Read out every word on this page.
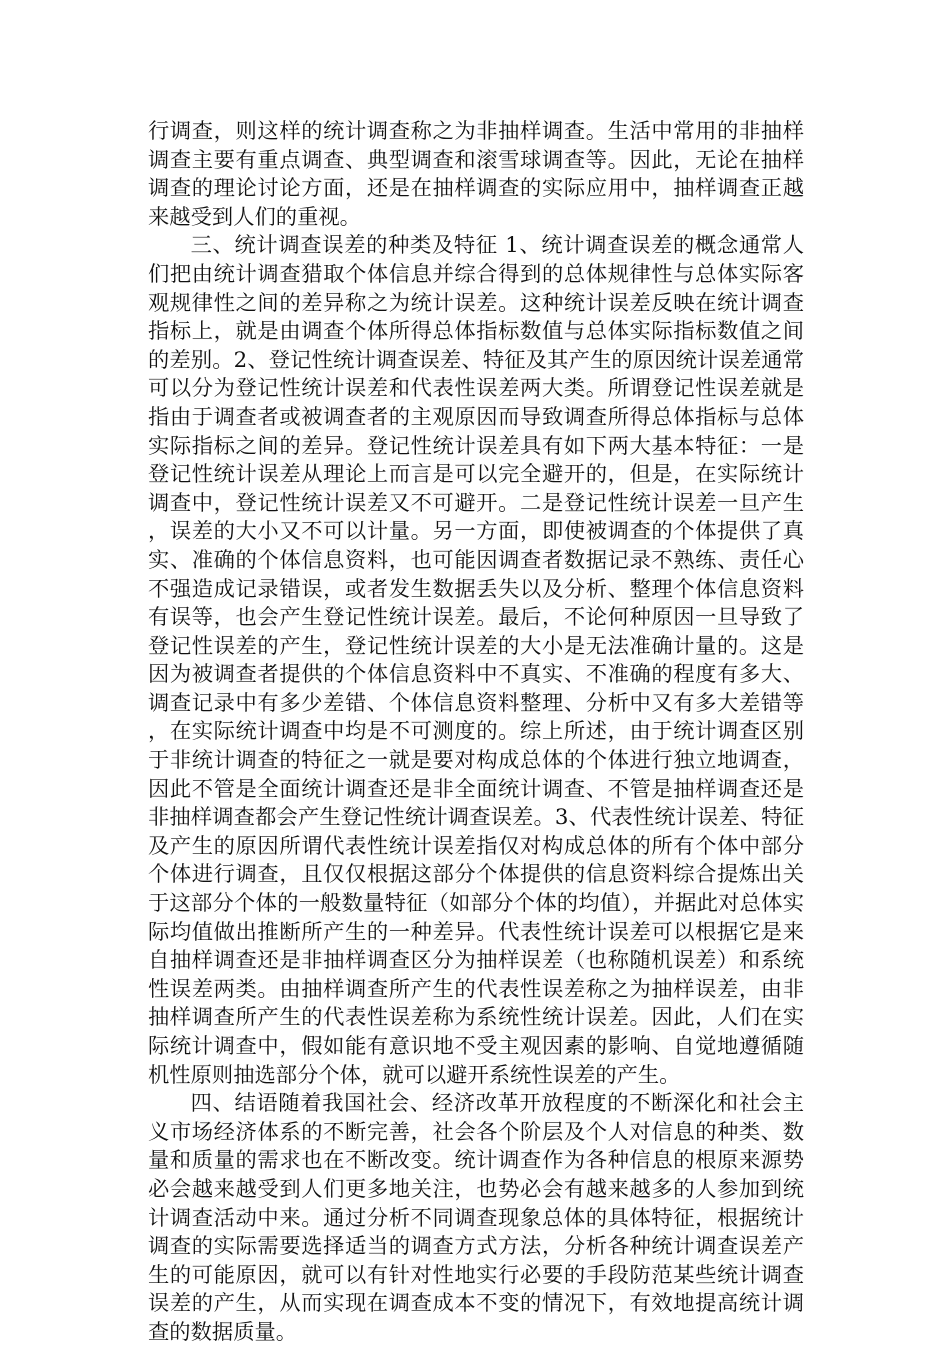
行调查，则这样的统计调查称之为非抽样调查。生活中常用的非抽样调查主要有重点调查、典型调查和滚雪球调查等。因此，无论在抽样调查的理论讨论方面，还是在抽样调查的实际应用中，抽样调查正越来越受到人们的重视。

三、统计调查误差的种类及特征 1、统计调查误差的概念通常人们把由统计调查猎取个体信息并综合得到的总体规律性与总体实际客观规律性之间的差异称之为统计误差。这种统计误差反映在统计调查指标上，就是由调查个体所得总体指标数值与总体实际指标数值之间的差别。2、登记性统计调查误差、特征及其产生的原因统计误差通常可以分为登记性统计误差和代表性误差两大类。所谓登记性误差就是指由于调查者或被调查者的主观原因而导致调查所得总体指标与总体实际指标之间的差异。登记性统计误差具有如下两大基本特征：一是登记性统计误差从理论上而言是可以完全避开的，但是，在实际统计调查中，登记性统计误差又不可避开。二是登记性统计误差一旦产生，误差的大小又不可以计量。另一方面，即使被调查的个体提供了真实、准确的个体信息资料，也可能因调查者数据记录不熟练、责任心不强造成记录错误，或者发生数据丢失以及分析、整理个体信息资料有误等，也会产生登记性统计误差。最后，不论何种原因一旦导致了登记性误差的产生，登记性统计误差的大小是无法准确计量的。这是因为被调查者提供的个体信息资料中不真实、不准确的程度有多大、调查记录中有多少差错、个体信息资料整理、分析中又有多大差错等，在实际统计调查中均是不可测度的。综上所述，由于统计调查区别于非统计调查的特征之一就是要对构成总体的个体进行独立地调查，因此不管是全面统计调查还是非全面统计调查、不管是抽样调查还是非抽样调查都会产生登记性统计调查误差。3、代表性统计误差、特征及产生的原因所谓代表性统计误差指仅对构成总体的所有个体中部分个体进行调查，且仅仅根据这部分个体提供的信息资料综合提炼出关于这部分个体的一般数量特征（如部分个体的均值），并据此对总体实际均值做出推断所产生的一种差异。代表性统计误差可以根据它是来自抽样调查还是非抽样调查区分为抽样误差（也称随机误差）和系统性误差两类。由抽样调查所产生的代表性误差称之为抽样误差，由非抽样调查所产生的代表性误差称为系统性统计误差。因此，人们在实际统计调查中，假如能有意识地不受主观因素的影响、自觉地遵循随机性原则抽选部分个体，就可以避开系统性误差的产生。

四、结语随着我国社会、经济改革开放程度的不断深化和社会主义市场经济体系的不断完善，社会各个阶层及个人对信息的种类、数量和质量的需求也在不断改变。统计调查作为各种信息的根原来源势必会越来越受到人们更多地关注，也势必会有越来越多的人参加到统计调查活动中来。通过分析不同调查现象总体的具体特征，根据统计调查的实际需要选择适当的调查方式方法，分析各种统计调查误差产生的可能原因，就可以有针对性地实行必要的手段防范某些统计调查误差的产生，从而实现在调查成本不变的情况下，有效地提高统计调查的数据质量。
